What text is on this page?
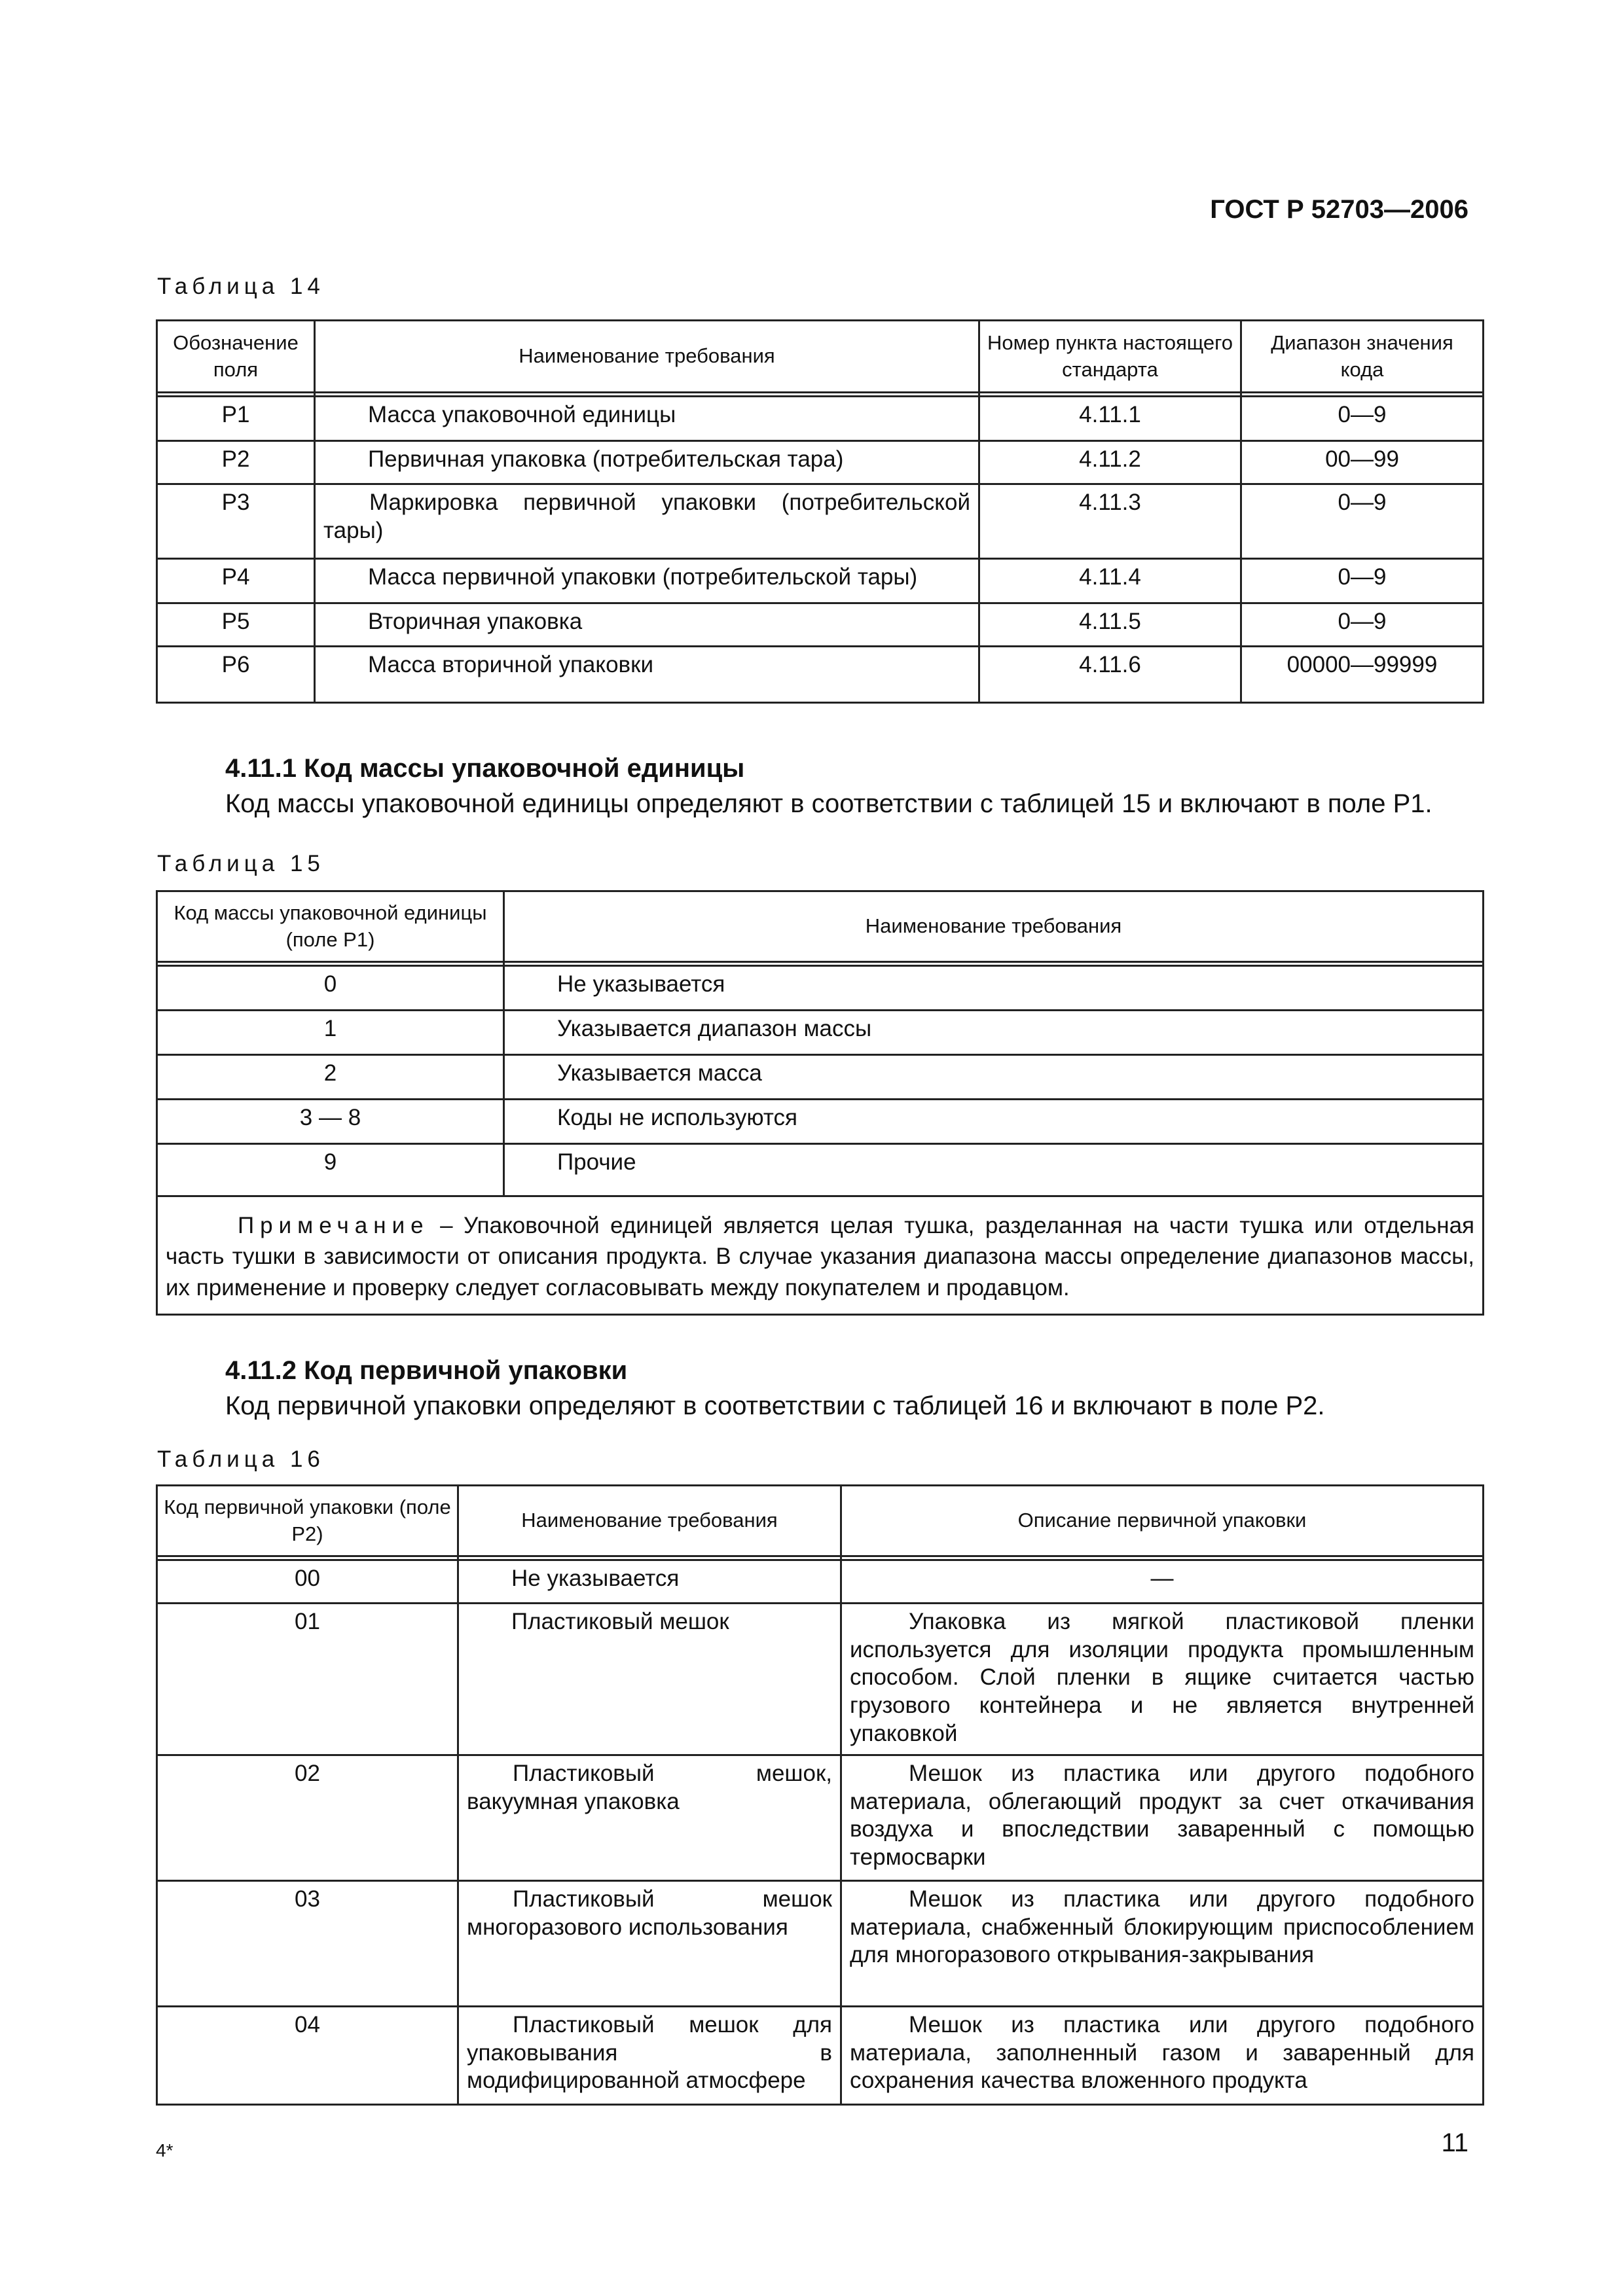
ГОСТ Р 52703—2006
Таблица 14
Обозначение поля	Наименование требования	Номер пункта настоящего стандарта	Диапазон значения кода

Р1	Масса упаковочной единицы	4.11.1	0—9
Р2	Первичная упаковка (потребительская тара)	4.11.2	00—99
Р3	Маркировка первичной упаковки (потребительской тары)	4.11.3	0—9
Р4	Масса первичной упаковки (потребительской тары)	4.11.4	0—9
Р5	Вторичная упаковка	4.11.5	0—9
Р6	Масса вторичной упаковки	4.11.6	00000—99999
4.11.1 Код массы упаковочной единицы
Код массы упаковочной единицы определяют в соответствии с таблицей 15 и включают в поле Р1.
Таблица 15
Код массы упаковочной единицы (поле Р1)	Наименование требования

0	Не указывается
1	Указывается диапазон массы
2	Указывается масса
3 — 8	Коды не используются
9	Прочие
Примечание – Упаковочной единицей является целая тушка, разделанная на части тушка или отдельная часть тушки в зависимости от описания продукта. В случае указания диапазона массы определение диапазонов массы, их применение и проверку следует согласовывать между покупателем и продавцом.	
4.11.2 Код первичной упаковки
Код первичной упаковки определяют в соответствии с таблицей 16 и включают в поле Р2.
Таблица 16
Код первичной упаковки (поле Р2)	Наименование требования	Описание первичной упаковки

00	Не указывается	—
01	Пластиковый мешок	Упаковка из мягкой пластиковой пленки используется для изоляции продукта промышленным способом. Слой пленки в ящике считается частью грузового контейнера и не является внутренней упаковкой
02	Пластиковый мешок, вакуумная упаковка	Мешок из пластика или другого подобного материала, облегающий продукт за счет откачивания воздуха и впоследствии заваренный с помощью термосварки
03	Пластиковый мешок многоразового использования	Мешок из пластика или другого подобного материала, снабженный блокирующим приспособлением для многоразового открывания-закрывания
04	Пластиковый мешок для упаковывания в модифицированной атмосфере	Мешок из пластика или другого подобного материала, заполненный газом и заваренный для сохранения качества вложенного продукта
4*	11
